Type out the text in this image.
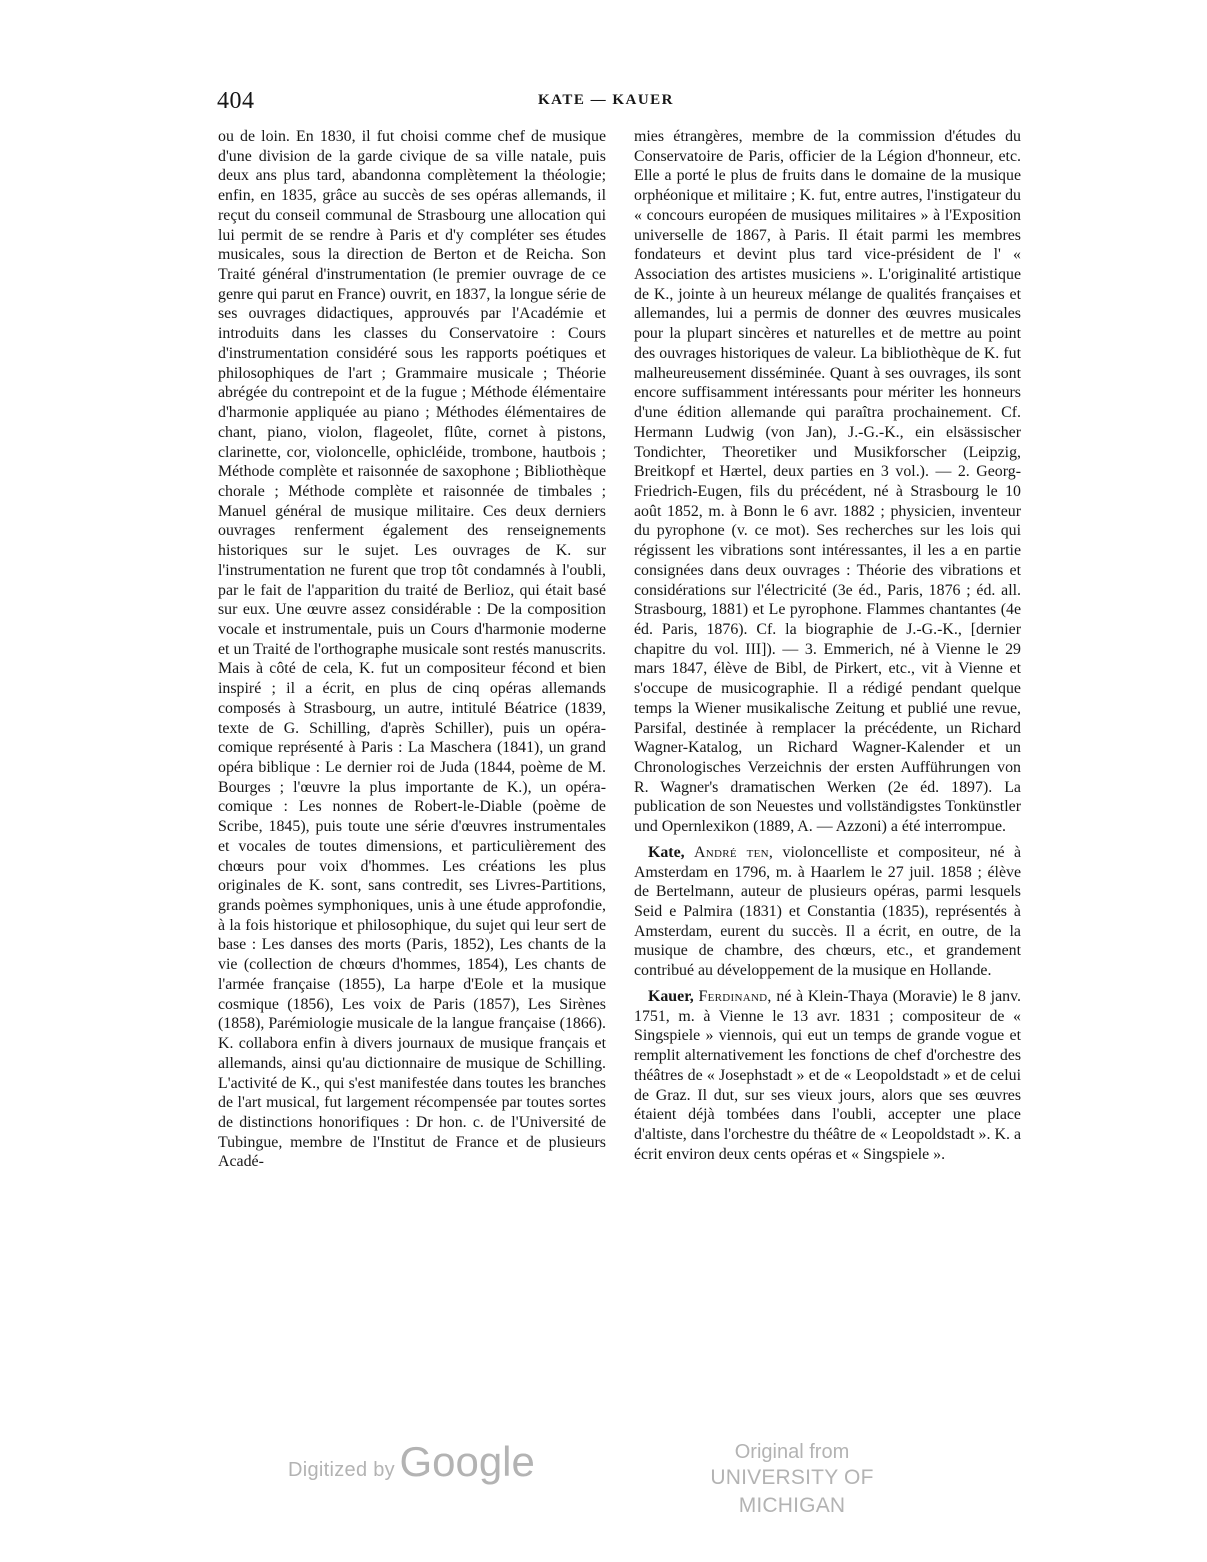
404	KATE — KAUER

ou de loin. En 1830, il fut choisi comme chef de musique d'une division de la garde civique de sa ville natale, puis deux ans plus tard, abandonna complètement la théologie; enfin, en 1835, grâce au succès de ses opéras allemands, il reçut du conseil communal de Strasbourg une allocation qui lui permit de se rendre à Paris et d'y compléter ses études musicales, sous la direction de Berton et de Reicha. Son Traité général d'instrumentation (le premier ouvrage de ce genre qui parut en France) ouvrit, en 1837, la longue série de ses ouvrages didactiques, approuvés par l'Académie et introduits dans les classes du Conservatoire : Cours d'instrumentation considéré sous les rapports poétiques et philosophiques de l'art ; Grammaire musicale ; Théorie abrégée du contrepoint et de la fugue ; Méthode élémentaire d'harmonie appliquée au piano ; Méthodes élémentaires de chant, piano, violon, flageolet, flûte, cornet à pistons, clarinette, cor, violoncelle, ophicléide, trombone, hautbois ; Méthode complète et raisonnée de saxophone ; Bibliothèque chorale ; Méthode complète et raisonnée de timbales ; Manuel général de musique militaire. Ces deux derniers ouvrages renferment également des renseignements historiques sur le sujet. Les ouvrages de K. sur l'instrumentation ne furent que trop tôt condamnés à l'oubli, par le fait de l'apparition du traité de Berlioz, qui était basé sur eux. Une œuvre assez considérable : De la composition vocale et instrumentale, puis un Cours d'harmonie moderne et un Traité de l'orthographe musicale sont restés manuscrits. Mais à côté de cela, K. fut un compositeur fécond et bien inspiré ; il a écrit, en plus de cinq opéras allemands composés à Strasbourg, un autre, intitulé Béatrice (1839, texte de G. Schilling, d'après Schiller), puis un opéra-comique représenté à Paris : La Maschera (1841), un grand opéra biblique : Le dernier roi de Juda (1844, poème de M. Bourges ; l'œuvre la plus importante de K.), un opéra-comique : Les nonnes de Robert-le-Diable (poème de Scribe, 1845), puis toute une série d'œuvres instrumentales et vocales de toutes dimensions, et particulièrement des chœurs pour voix d'hommes. Les créations les plus originales de K. sont, sans contredit, ses Livres-Partitions, grands poèmes symphoniques, unis à une étude approfondie, à la fois historique et philosophique, du sujet qui leur sert de base : Les danses des morts (Paris, 1852), Les chants de la vie (collection de chœurs d'hommes, 1854), Les chants de l'armée française (1855), La harpe d'Eole et la musique cosmique (1856), Les voix de Paris (1857), Les Sirènes (1858), Parémiologie musicale de la langue française (1866). K. collabora enfin à divers journaux de musique français et allemands, ainsi qu'au dictionnaire de musique de Schilling. L'activité de K., qui s'est manifestée dans toutes les branches de l'art musical, fut largement récompensée par toutes sortes de distinctions honorifiques : Dr hon. c. de l'Université de Tubingue, membre de l'Institut de France et de plusieurs Acadé-

mies étrangères, membre de la commission d'études du Conservatoire de Paris, officier de la Légion d'honneur, etc. Elle a porté le plus de fruits dans le domaine de la musique orphéonique et militaire ; K. fut, entre autres, l'instigateur du « concours européen de musiques militaires » à l'Exposition universelle de 1867, à Paris. Il était parmi les membres fondateurs et devint plus tard vice-président de l' « Association des artistes musiciens ». L'originalité artistique de K., jointe à un heureux mélange de qualités françaises et allemandes, lui a permis de donner des œuvres musicales pour la plupart sincères et naturelles et de mettre au point des ouvrages historiques de valeur. La bibliothèque de K. fut malheureusement disséminée. Quant à ses ouvrages, ils sont encore suffisamment intéressants pour mériter les honneurs d'une édition allemande qui paraîtra prochainement. Cf. Hermann Ludwig (von Jan), J.-G.-K., ein elsässischer Tondichter, Theoretiker und Musikforscher (Leipzig, Breitkopf et Hærtel, deux parties en 3 vol.). — 2. Georg-Friedrich-Eugen, fils du précédent, né à Strasbourg le 10 août 1852, m. à Bonn le 6 avr. 1882 ; physicien, inventeur du pyrophone (v. ce mot). Ses recherches sur les lois qui régissent les vibrations sont intéressantes, il les a en partie consignées dans deux ouvrages : Théorie des vibrations et considérations sur l'électricité (3e éd., Paris, 1876 ; éd. all. Strasbourg, 1881) et Le pyrophone. Flammes chantantes (4e éd. Paris, 1876). Cf. la biographie de J.-G.-K., [dernier chapitre du vol. III]). — 3. Emmerich, né à Vienne le 29 mars 1847, élève de Bibl, de Pirkert, etc., vit à Vienne et s'occupe de musicographie. Il a rédigé pendant quelque temps la Wiener musikalische Zeitung et publié une revue, Parsifal, destinée à remplacer la précédente, un Richard Wagner-Katalog, un Richard Wagner-Kalender et un Chronologisches Verzeichnis der ersten Aufführungen von R. Wagner's dramatischen Werken (2e éd. 1897). La publication de son Neuestes und vollständigstes Tonkünstler und Opernlexikon (1889, A. — Azzoni) a été interrompue.

Kate, André ten, violoncelliste et compositeur, né à Amsterdam en 1796, m. à Haarlem le 27 juil. 1858 ; élève de Bertelmann, auteur de plusieurs opéras, parmi lesquels Seid e Palmira (1831) et Constantia (1835), représentés à Amsterdam, eurent du succès. Il a écrit, en outre, de la musique de chambre, des chœurs, etc., et grandement contribué au développement de la musique en Hollande.

Kauer, Ferdinand, né à Klein-Thaya (Moravie) le 8 janv. 1751, m. à Vienne le 13 avr. 1831 ; compositeur de « Singspiele » viennois, qui eut un temps de grande vogue et remplit alternativement les fonctions de chef d'orchestre des théâtres de « Josephstadt » et de « Leopoldstadt » et de celui de Graz. Il dut, sur ses vieux jours, alors que ses œuvres étaient déjà tombées dans l'oubli, accepter une place d'altiste, dans l'orchestre du théâtre de « Leopoldstadt ». K. a écrit environ deux cents opéras et « Singspiele ».

Digitized by Google	Original from
UNIVERSITY OF MICHIGAN
